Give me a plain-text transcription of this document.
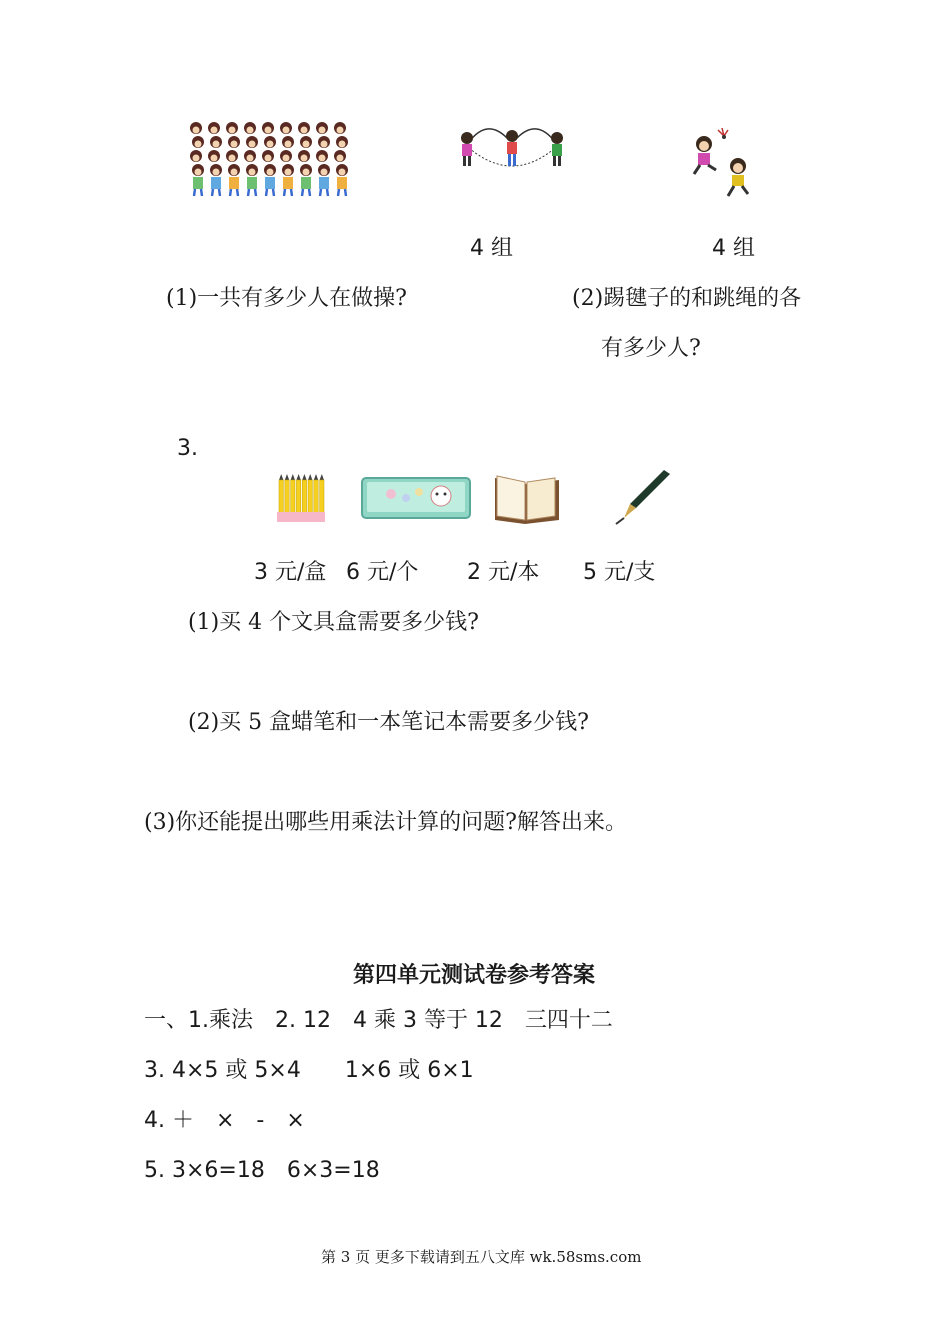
4 组	4 组
(1)一共有多少人在做操?	(2)踢毽子的和跳绳的各
有多少人?
3.
3 元/盒 6 元/个 2 元/本 5 元/支
(1)买 4 个文具盒需要多少钱?
(2)买 5 盒蜡笔和一本笔记本需要多少钱?
(3)你还能提出哪些用乘法计算的问题?解答出来。
第四单元测试卷参考答案
一、1.乘法　2. 12　4 乘 3 等于 12　三四十二
3. 4×5 或 5×4　　1×6 或 6×1
4. ＋　×　-　×
5. 3×6=18　6×3=18
第 3 页 更多下载请到五八文库 wk.58sms.com
